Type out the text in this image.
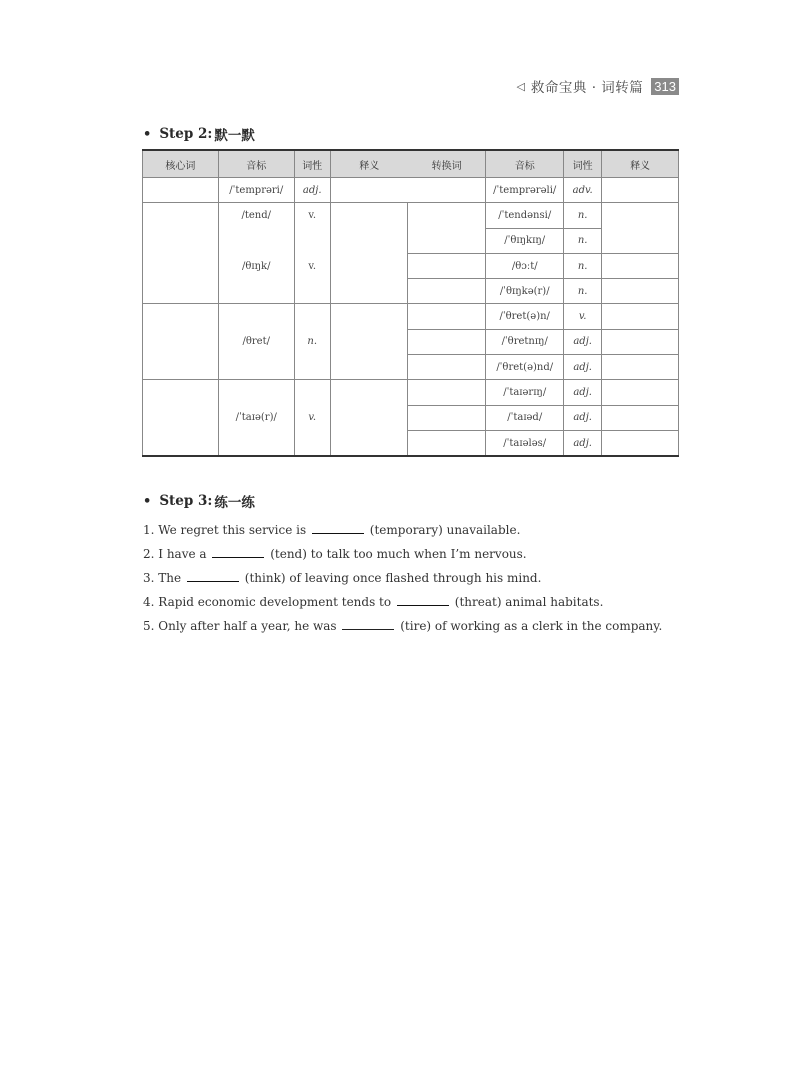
◁ 救命宝典 · 词转篇 313
• Step 2: 默一默
核心词	音标	词性	释义	转换词	音标	词性	释义
	/ˈtemprəri/	adj.			/ˈtemprərəli/	adv.	
	/tend/	v.			/ˈtendənsi/	n.	
					/ˈθɪŋkɪŋ/	n.	
	/θɪŋk/	v.			/θɔːt/	n.	
					/ˈθɪŋkə(r)/	n.	
	/θret/	n.			/ˈθret(ə)n/	v.	
					/ˈθretnɪŋ/	adj.	
					/ˈθret(ə)nd/	adj.	
	/ˈtaɪə(r)/	v.			/ˈtaɪərɪŋ/	adj.	
					/ˈtaɪəd/	adj.	
					/ˈtaɪələs/	adj.	
• Step 3: 练一练
1. We regret this service is	(temporary) unavailable.
2. I have a	(tend) to talk too much when I’m nervous.
3. The	(think) of leaving once flashed through his mind.
4. Rapid economic development tends to	(threat) animal habitats.
5. Only after half a year, he was	(tire) of working as a clerk in the company.
